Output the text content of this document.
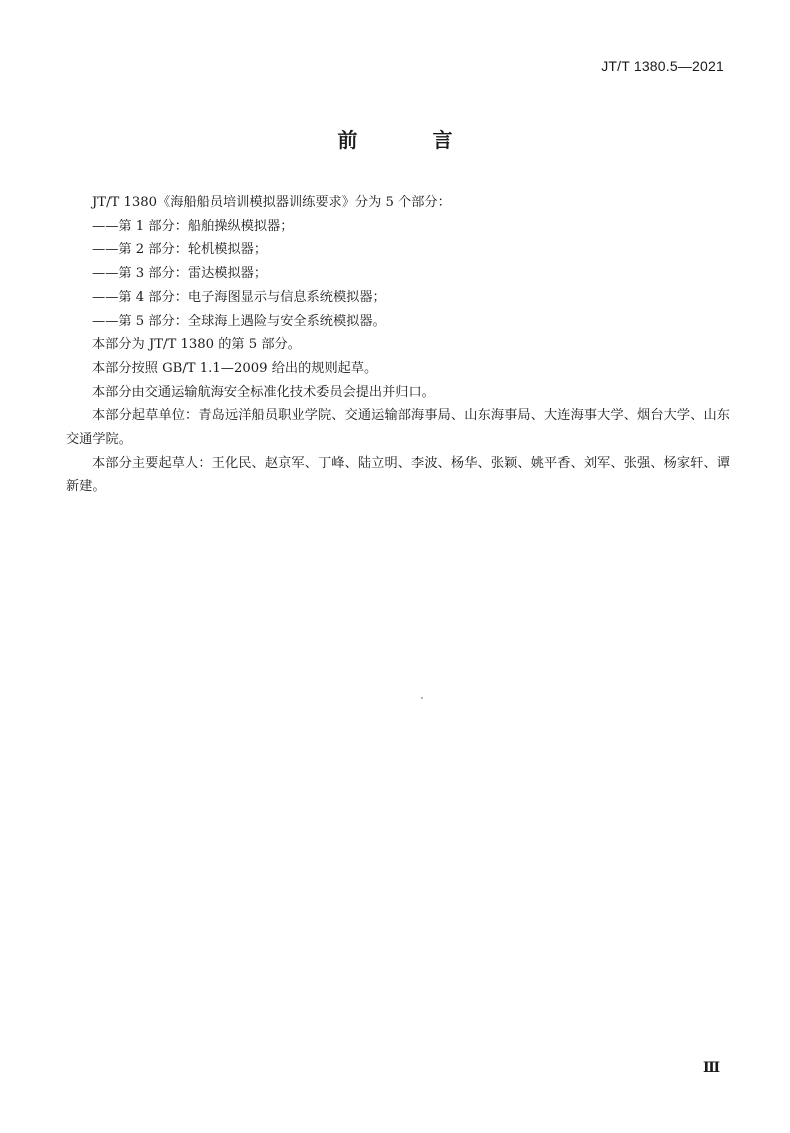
JT/T 1380.5—2021
前 言

JT/T 1380《海船船员培训模拟器训练要求》分为 5 个部分：

——第 1 部分：船舶操纵模拟器；

——第 2 部分：轮机模拟器；

——第 3 部分：雷达模拟器；

——第 4 部分：电子海图显示与信息系统模拟器；

——第 5 部分：全球海上遇险与安全系统模拟器。

本部分为 JT/T 1380 的第 5 部分。

本部分按照 GB/T 1.1—2009 给出的规则起草。

本部分由交通运输航海安全标准化技术委员会提出并归口。

本部分起草单位：青岛远洋船员职业学院、交通运输部海事局、山东海事局、大连海事大学、烟台大学、山东交通学院。

本部分主要起草人：王化民、赵京军、丁峰、陆立明、李波、杨华、张颖、姚平香、刘军、张强、杨家轩、谭新建。

Ⅲ
